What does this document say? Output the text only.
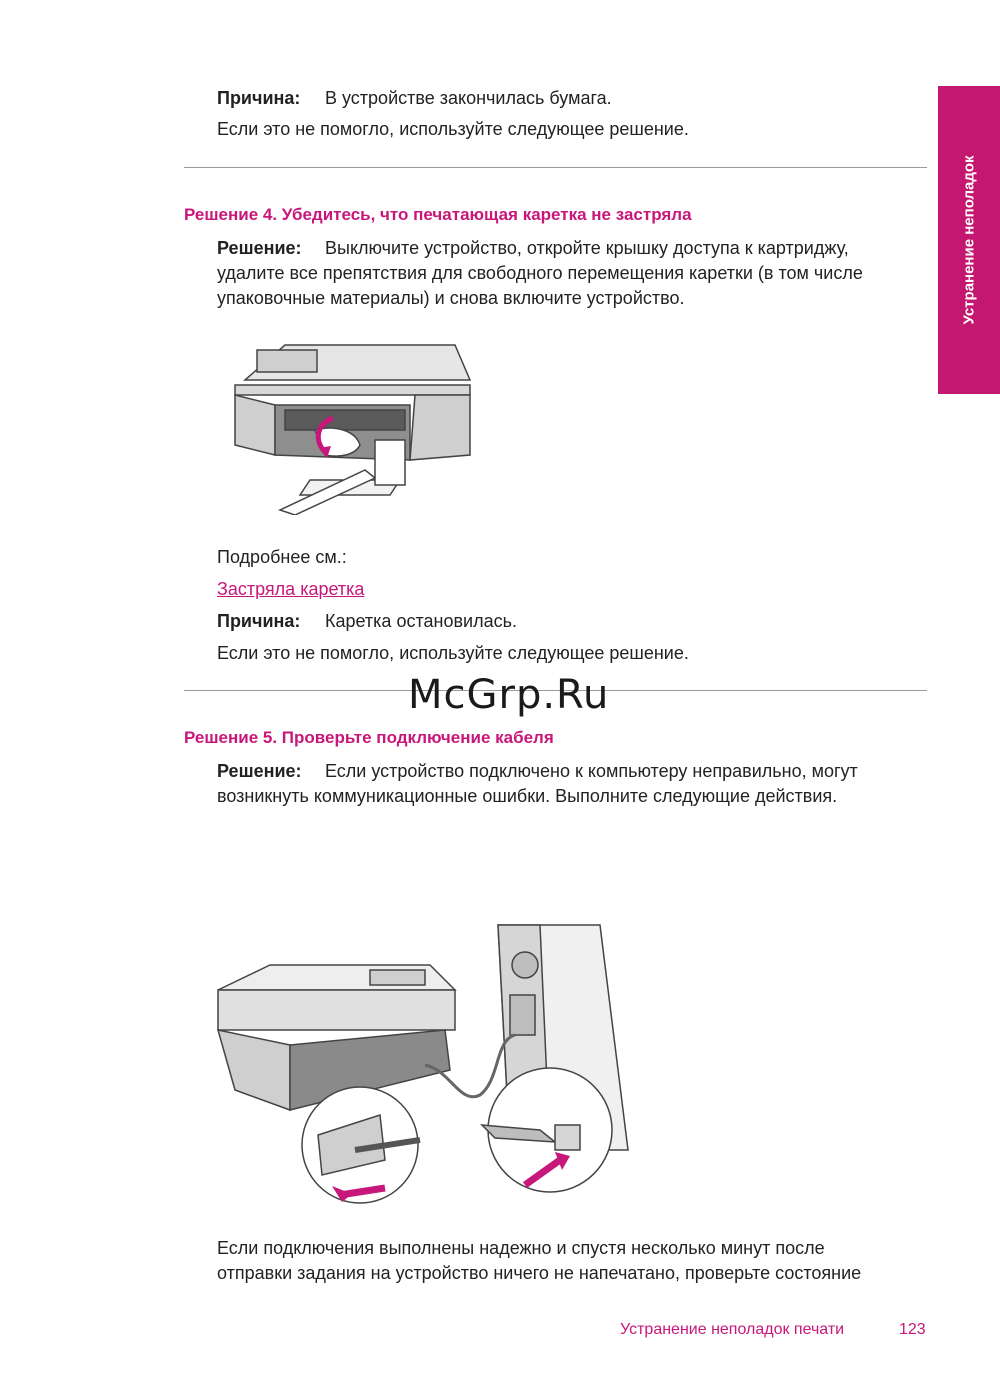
Устранение неполадок
Причина: В устройстве закончилась бумага.
Если это не помогло, используйте следующее решение.
Решение 4. Убедитесь, что печатающая каретка не застряла
Решение: Выключите устройство, откройте крышку доступа к картриджу,
удалите все препятствия для свободного перемещения каретки (в том числе
упаковочные материалы) и снова включите устройство.
Подробнее см.:
Застряла каретка
Причина: Каретка остановилась.
Если это не помогло, используйте следующее решение.
McGrp.Ru
Решение 5. Проверьте подключение кабеля
Решение: Если устройство подключено к компьютеру неправильно, могут
возникнуть коммуникационные ошибки. Выполните следующие действия.
Если подключения выполнены надежно и спустя несколько минут после
отправки задания на устройство ничего не напечатано, проверьте состояние
Устранение неполадок печати	123
